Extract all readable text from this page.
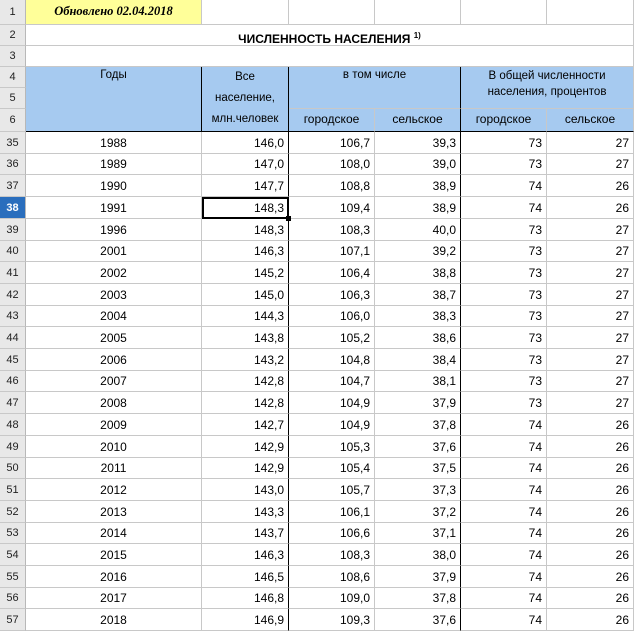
1
2
3
4
5
6
Обновлено 02.04.2018
ЧИСЛЕННОСТЬ НАСЕЛЕНИЯ $^{1)}$
Годы	Все
население,
млн.человек
в том числе	В общей численности
населения, процентов
городское	сельское	городское	сельское
35	1988	146,0	106,7	39,3	73	27
36	1989	147,0	108,0	39,0	73	27
37	1990	147,7	108,8	38,9	74	26
38	1991	148,3	109,4	38,9	74	26
39	1996	148,3	108,3	40,0	73	27
40	2001	146,3	107,1	39,2	73	27
41	2002	145,2	106,4	38,8	73	27
42	2003	145,0	106,3	38,7	73	27
43	2004	144,3	106,0	38,3	73	27
44	2005	143,8	105,2	38,6	73	27
45	2006	143,2	104,8	38,4	73	27
46	2007	142,8	104,7	38,1	73	27
47	2008	142,8	104,9	37,9	73	27
48	2009	142,7	104,9	37,8	74	26
49	2010	142,9	105,3	37,6	74	26
50	2011	142,9	105,4	37,5	74	26
51	2012	143,0	105,7	37,3	74	26
52	2013	143,3	106,1	37,2	74	26
53	2014	143,7	106,6	37,1	74	26
54	2015	146,3	108,3	38,0	74	26
55	2016	146,5	108,6	37,9	74	26
56	2017	146,8	109,0	37,8	74	26
57	2018	146,9	109,3	37,6	74	26
